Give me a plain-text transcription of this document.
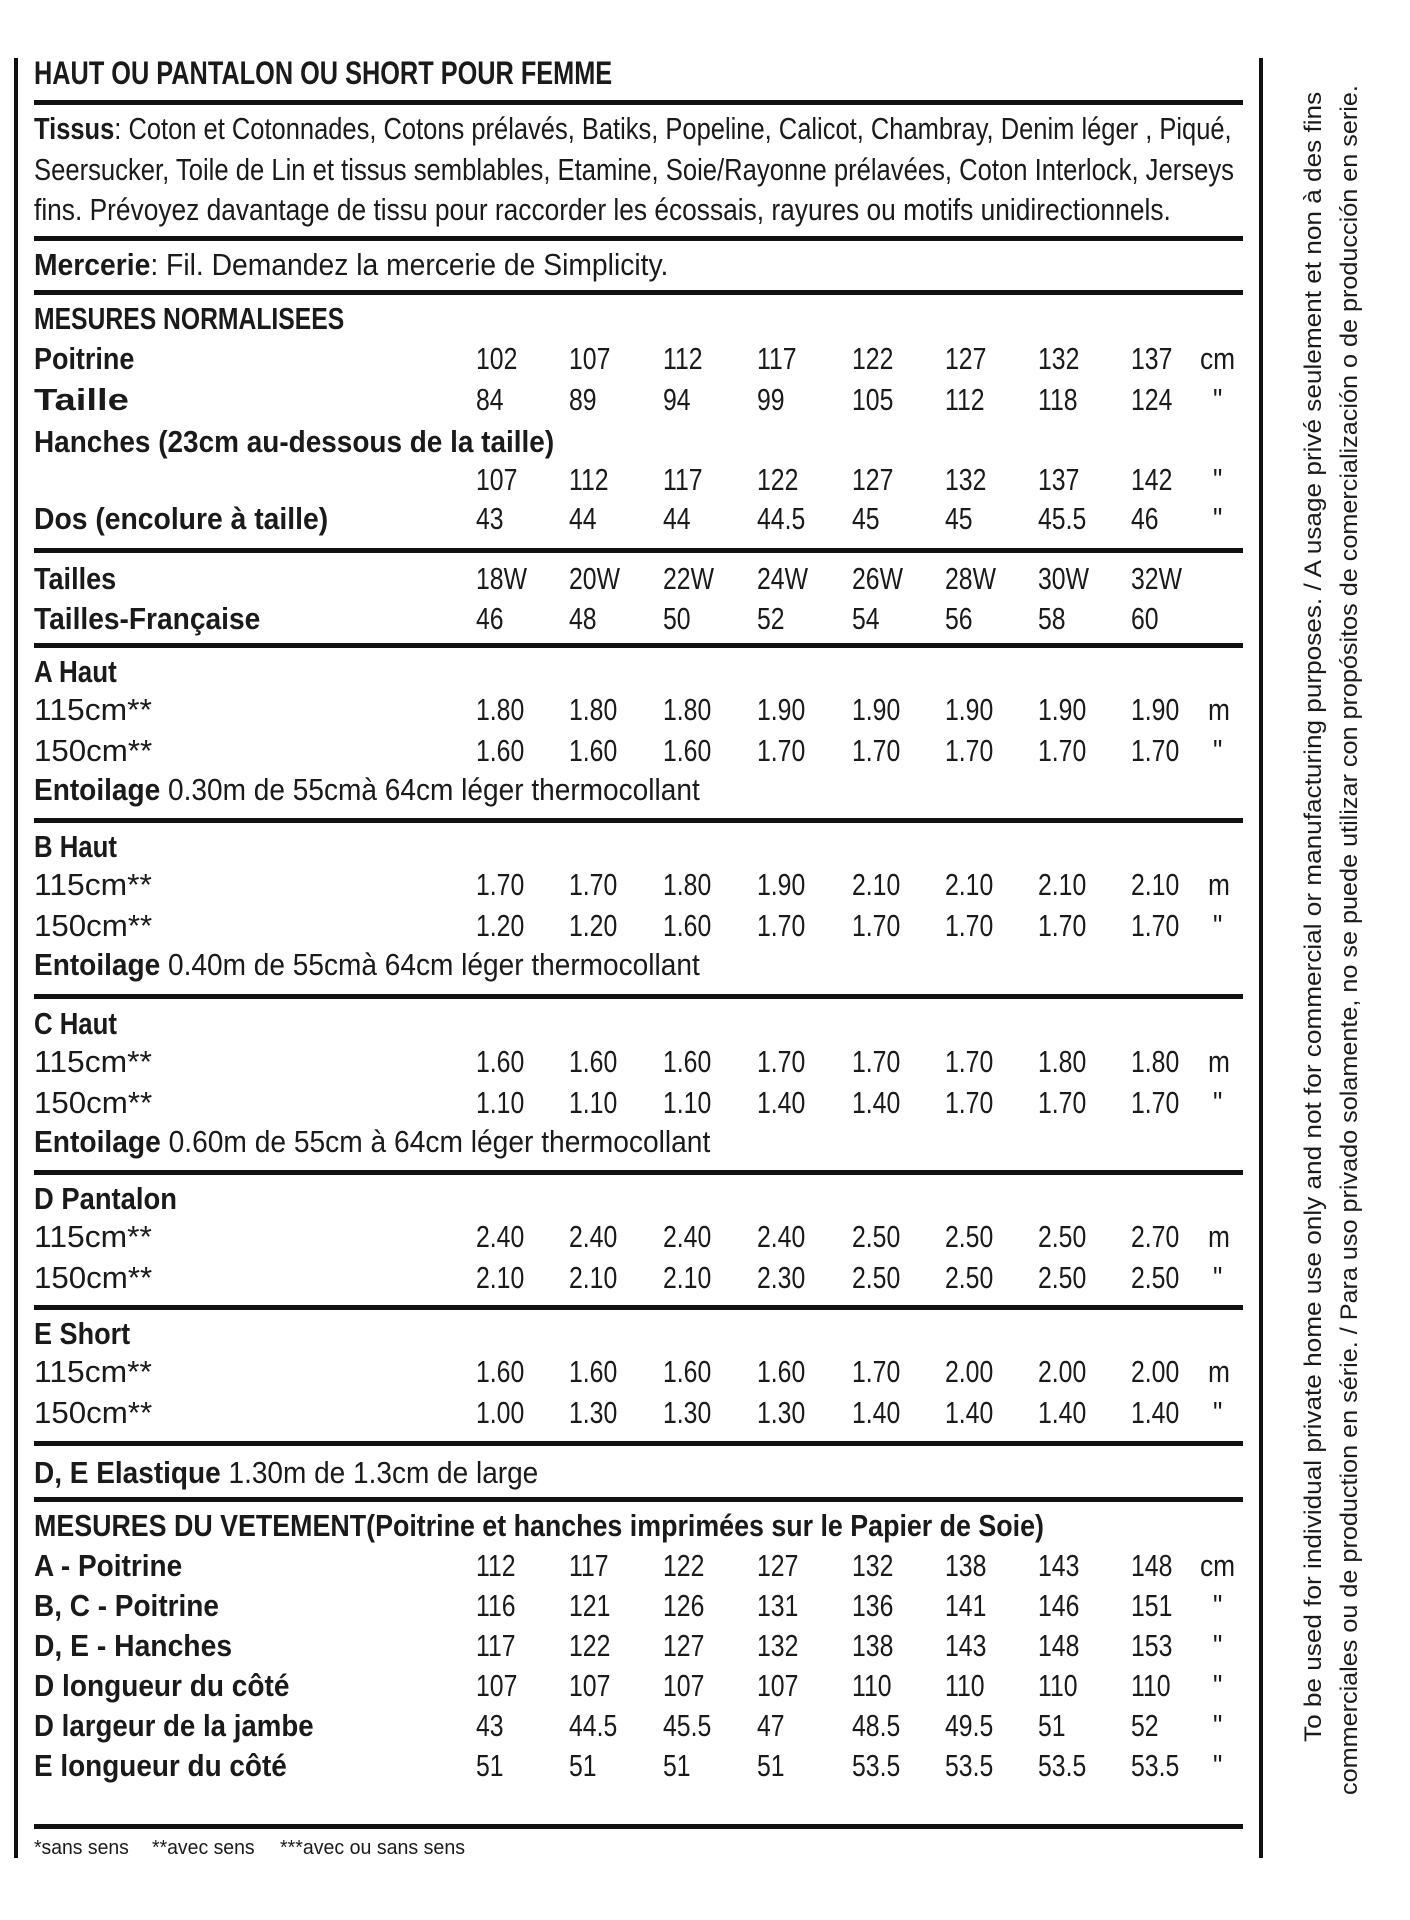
HAUT OU PANTALON OU SHORT POUR FEMME
Tissus: Coton et Cotonnades, Cotons prélavés, Batiks, Popeline, Calicot, Chambray, Denim léger , Piqué,
Seersucker, Toile de Lin et tissus semblables, Etamine, Soie/Rayonne prélavées, Coton Interlock, Jerseys
fins. Prévoyez davantage de tissu pour raccorder les écossais, rayures ou motifs unidirectionnels.
Mercerie: Fil. Demandez la mercerie de Simplicity.
MESURES NORMALISEES
Poitrine	102 107 112 117 122 127 132 137 cm
Taille	84 89 94 99 105 112 118 124 "
Hanches (23cm au-dessous de la taille)
107 112 117 122 127 132 137 142 "
Dos (encolure à taille)	43 44 44 44.5 45 45 45.5 46 "
Tailles	18W 20W 22W 24W 26W 28W 30W 32W
Tailles-Française	46 48 50 52 54 56 58 60
A Haut
115cm**	1.80 1.80 1.80 1.90 1.90 1.90 1.90 1.90 m
150cm**	1.60 1.60 1.60 1.70 1.70 1.70 1.70 1.70 "
Entoilage 0.30m de 55cmà 64cm léger thermocollant
B Haut
115cm**	1.70 1.70 1.80 1.90 2.10 2.10 2.10 2.10 m
150cm**	1.20 1.20 1.60 1.70 1.70 1.70 1.70 1.70 "
Entoilage 0.40m de 55cmà 64cm léger thermocollant
C Haut
115cm**	1.60 1.60 1.60 1.70 1.70 1.70 1.80 1.80 m
150cm**	1.10 1.10 1.10 1.40 1.40 1.70 1.70 1.70 "
Entoilage 0.60m de 55cm à 64cm léger thermocollant
D Pantalon
115cm**	2.40 2.40 2.40 2.40 2.50 2.50 2.50 2.70 m
150cm**	2.10 2.10 2.10 2.30 2.50 2.50 2.50 2.50 "
E Short
115cm**	1.60 1.60 1.60 1.60 1.70 2.00 2.00 2.00 m
150cm**	1.00 1.30 1.30 1.30 1.40 1.40 1.40 1.40 "
D, E Elastique 1.30m de 1.3cm de large
MESURES DU VETEMENT(Poitrine et hanches imprimées sur le Papier de Soie)
A - Poitrine	112 117 122 127 132 138 143 148 cm
B, C - Poitrine	116 121 126 131 136 141 146 151 "
D, E - Hanches	117 122 127 132 138 143 148 153 "
D longueur du côté	107 107 107 107 110 110 110 110 "
D largeur de la jambe	43 44.5 45.5 47 48.5 49.5 51 52 "
E longueur du côté	51 51 51 51 53.5 53.5 53.5 53.5 "
*sans sens **avec sens ***avec ou sans sens
To be used for individual private home use only and not for commercial or manufacturing purposes. / A usage privé seulement et non à des fins commerciales ou de production en série. / Para uso privado solamente, no se puede utilizar con propósitos de comercialización o de producción en serie.
